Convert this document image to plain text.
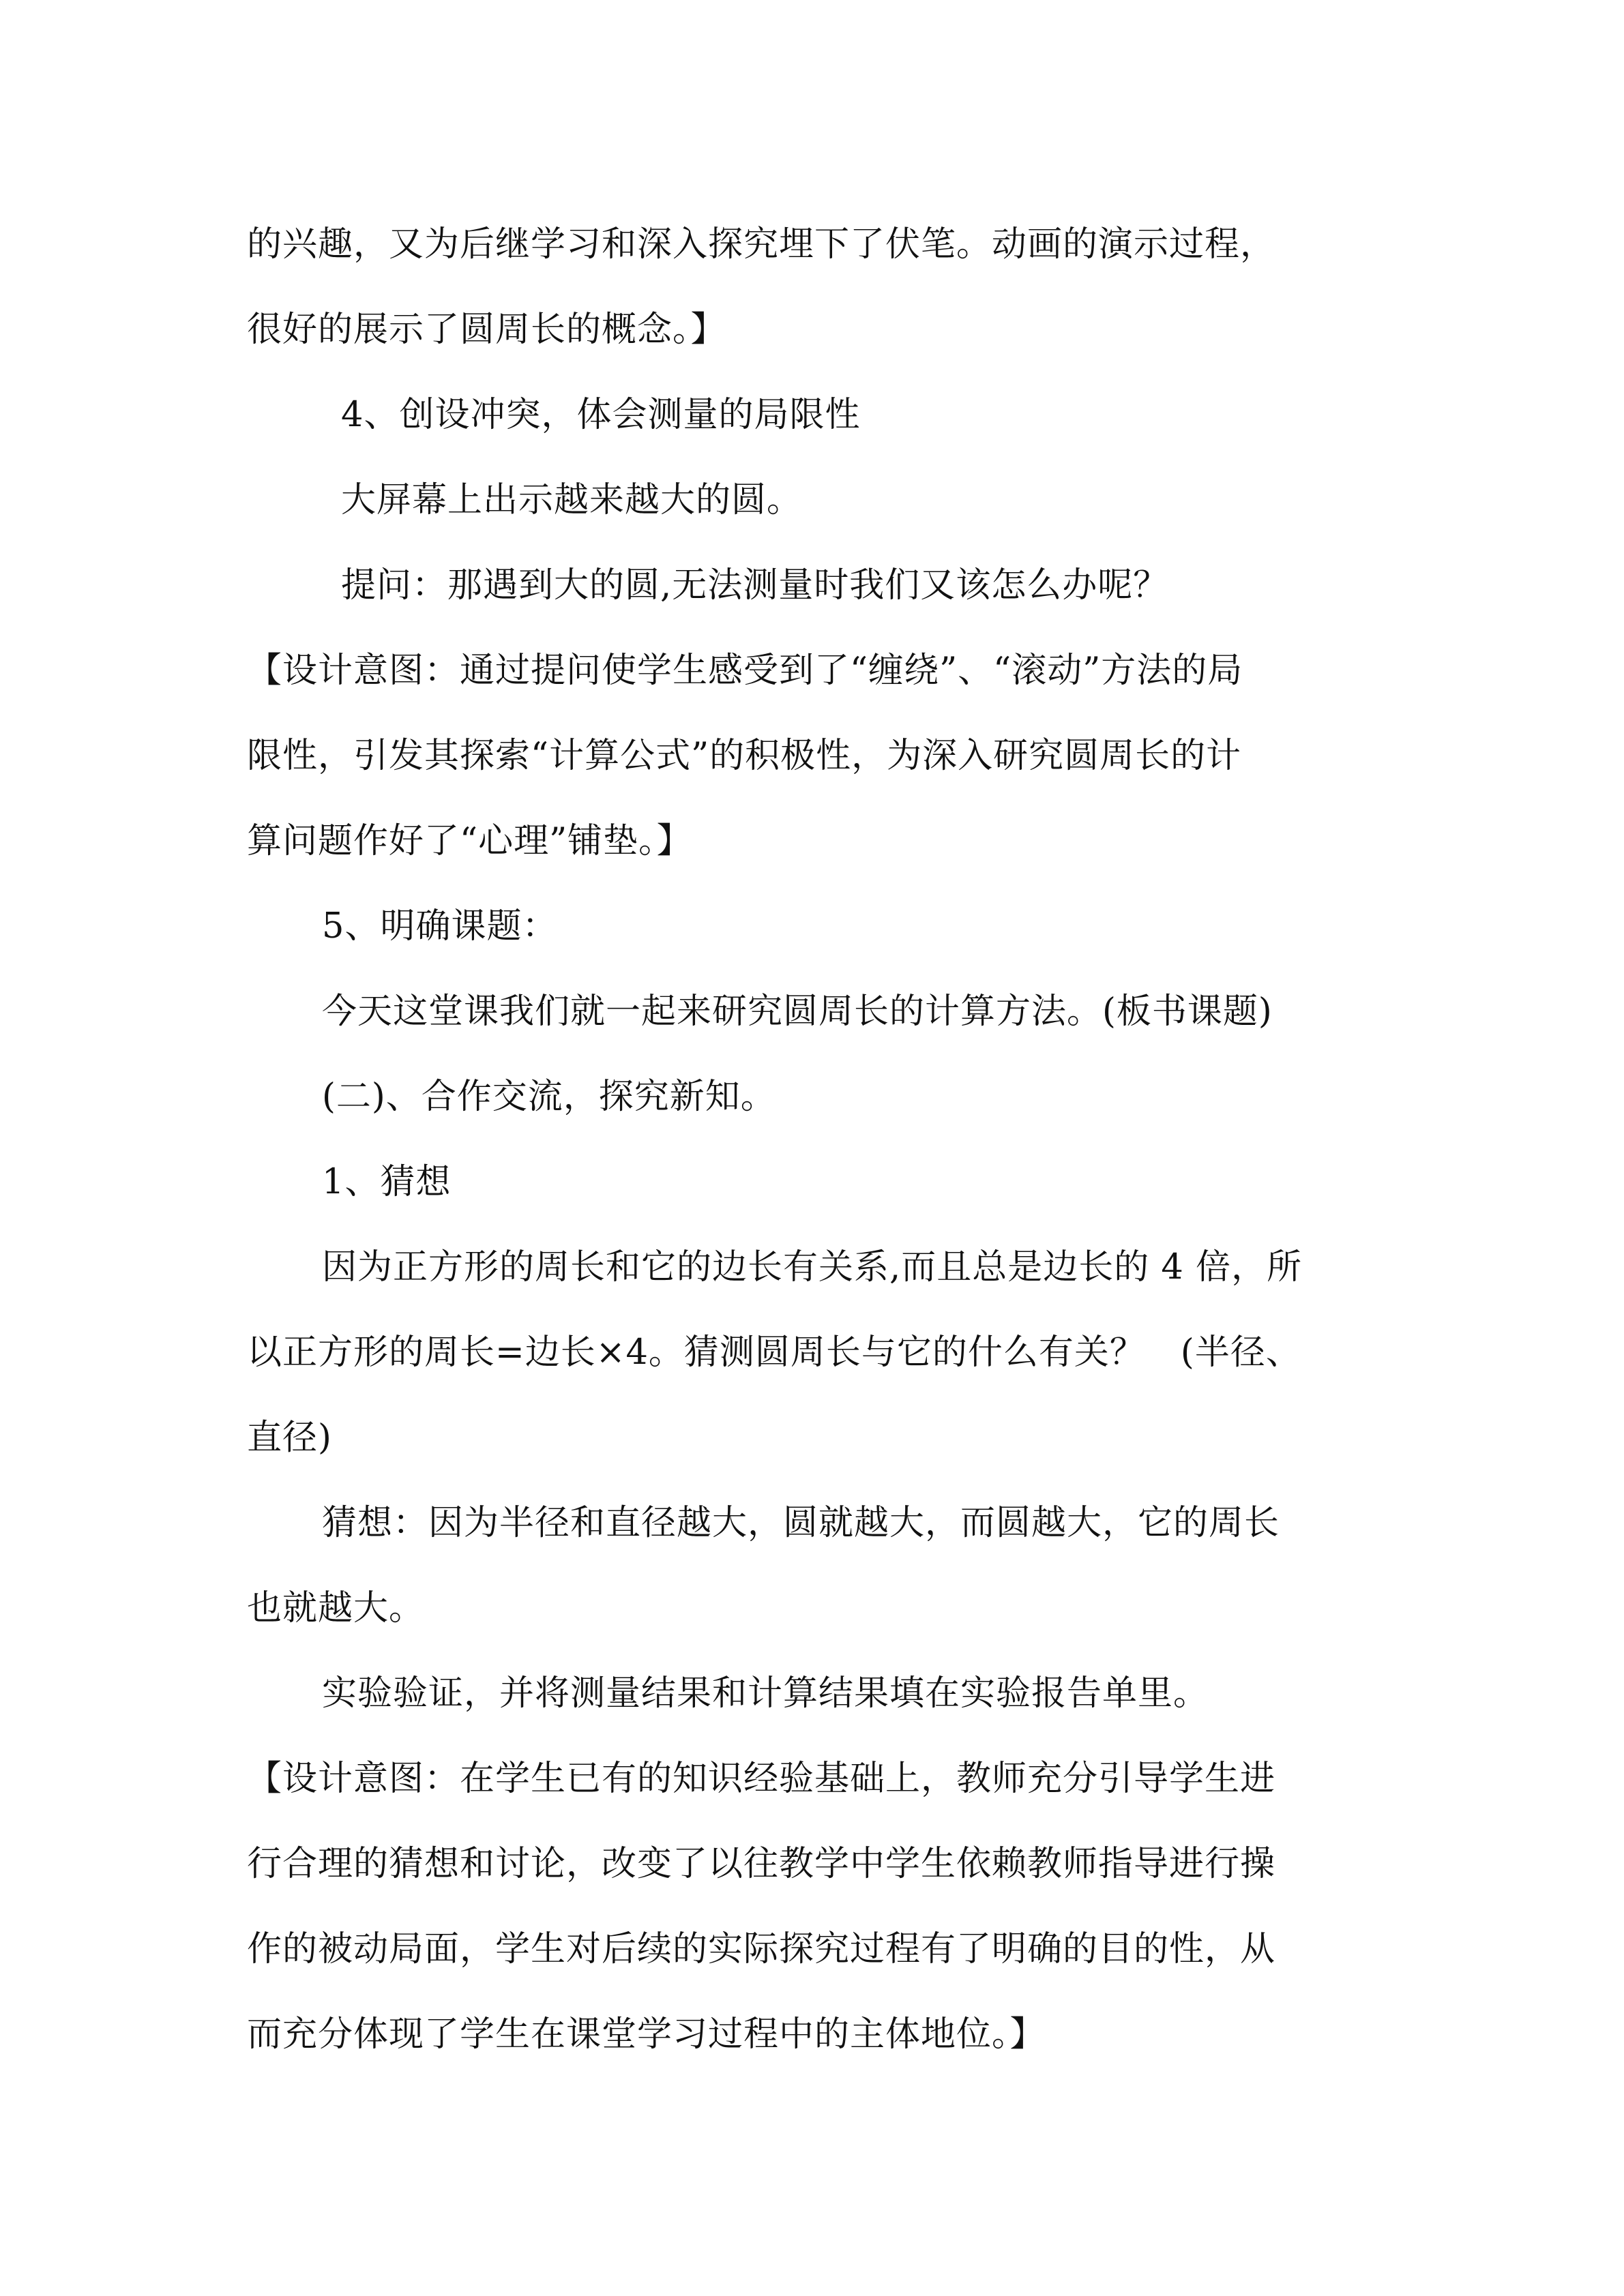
的兴趣，又为后继学习和深入探究埋下了伏笔。动画的演示过程，
很好的展示了圆周长的概念。】
4、创设冲突，体会测量的局限性
大屏幕上出示越来越大的圆。
提问：那遇到大的圆,无法测量时我们又该怎么办呢？
【设计意图：通过提问使学生感受到了“缠绕”、“滚动”方法的局
限性，引发其探索“计算公式”的积极性，为深入研究圆周长的计
算问题作好了“心理”铺垫。】
5、明确课题：
今天这堂课我们就一起来研究圆周长的计算方法。(板书课题)
(二)、合作交流，探究新知。
1、猜想
因为正方形的周长和它的边长有关系,而且总是边长的 4 倍，所
以正方形的周长=边长×4。猜测圆周长与它的什么有关？　(半径、
直径)
猜想：因为半径和直径越大，圆就越大，而圆越大，它的周长
也就越大。
实验验证，并将测量结果和计算结果填在实验报告单里。
【设计意图：在学生已有的知识经验基础上，教师充分引导学生进
行合理的猜想和讨论，改变了以往教学中学生依赖教师指导进行操
作的被动局面，学生对后续的实际探究过程有了明确的目的性，从
而充分体现了学生在课堂学习过程中的主体地位。】
